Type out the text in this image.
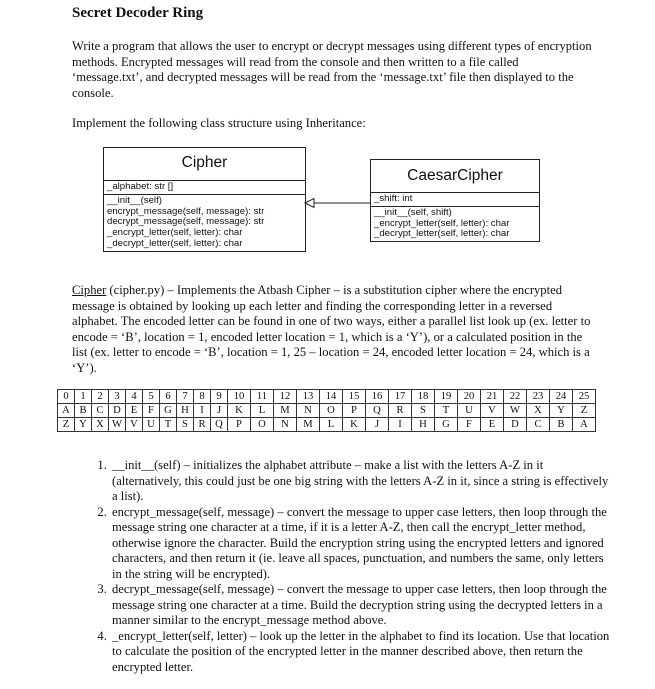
Secret Decoder Ring
Write a program that allows the user to encrypt or decrypt messages using different types of encryption methods. Encrypted messages will read from the console and then written to a file called ‘message.txt’, and decrypted messages will be read from the ‘message.txt’ file then displayed to the console.
Implement the following class structure using Inheritance:
Cipher
_alphabet: str []
__init__(self)
encrypt_message(self, message): str
decrypt_message(self, message): str
_encrypt_letter(self, letter): char
_decrypt_letter(self, letter): char
CaesarCipher
_shift: int
__init__(self, shift)
_encrypt_letter(self, letter): char
_decrypt_letter(self, letter): char
Cipher (cipher.py) – Implements the Atbash Cipher – is a substitution cipher where the encrypted message is obtained by looking up each letter and finding the corresponding letter in a reversed alphabet. The encoded letter can be found in one of two ways, either a parallel list look up (ex. letter to encode = ‘B’, location = 1, encoded letter location = 1, which is a ‘Y’), or a calculated position in the list (ex. letter to encode = ‘B’, location = 1, 25 – location = 24, encoded letter location = 24, which is a ‘Y’).
0	1	2	3	4	5	6	7	8	9	10	11	12	13	14	15	16	17	18	19	20	21	22	23	24	25
A	B	C	D	E	F	G	H	I	J	K	L	M	N	O	P	Q	R	S	T	U	V	W	X	Y	Z
Z	Y	X	W	V	U	T	S	R	Q	P	O	N	M	L	K	J	I	H	G	F	E	D	C	B	A
1. __init__(self) – initializes the alphabet attribute – make a list with the letters A-Z in it (alternatively, this could just be one big string with the letters A-Z in it, since a string is effectively a list).
2. encrypt_message(self, message) – convert the message to upper case letters, then loop through the message string one character at a time, if it is a letter A-Z, then call the encrypt_letter method, otherwise ignore the character. Build the encryption string using the encrypted letters and ignored characters, and then return it (ie. leave all spaces, punctuation, and numbers the same, only letters in the string will be encrypted).
3. decrypt_message(self, message) – convert the message to upper case letters, then loop through the message string one character at a time. Build the decryption string using the decrypted letters in a manner similar to the encrypt_message method above.
4. _encrypt_letter(self, letter) – look up the letter in the alphabet to find its location. Use that location to calculate the position of the encrypted letter in the manner described above, then return the encrypted letter.
